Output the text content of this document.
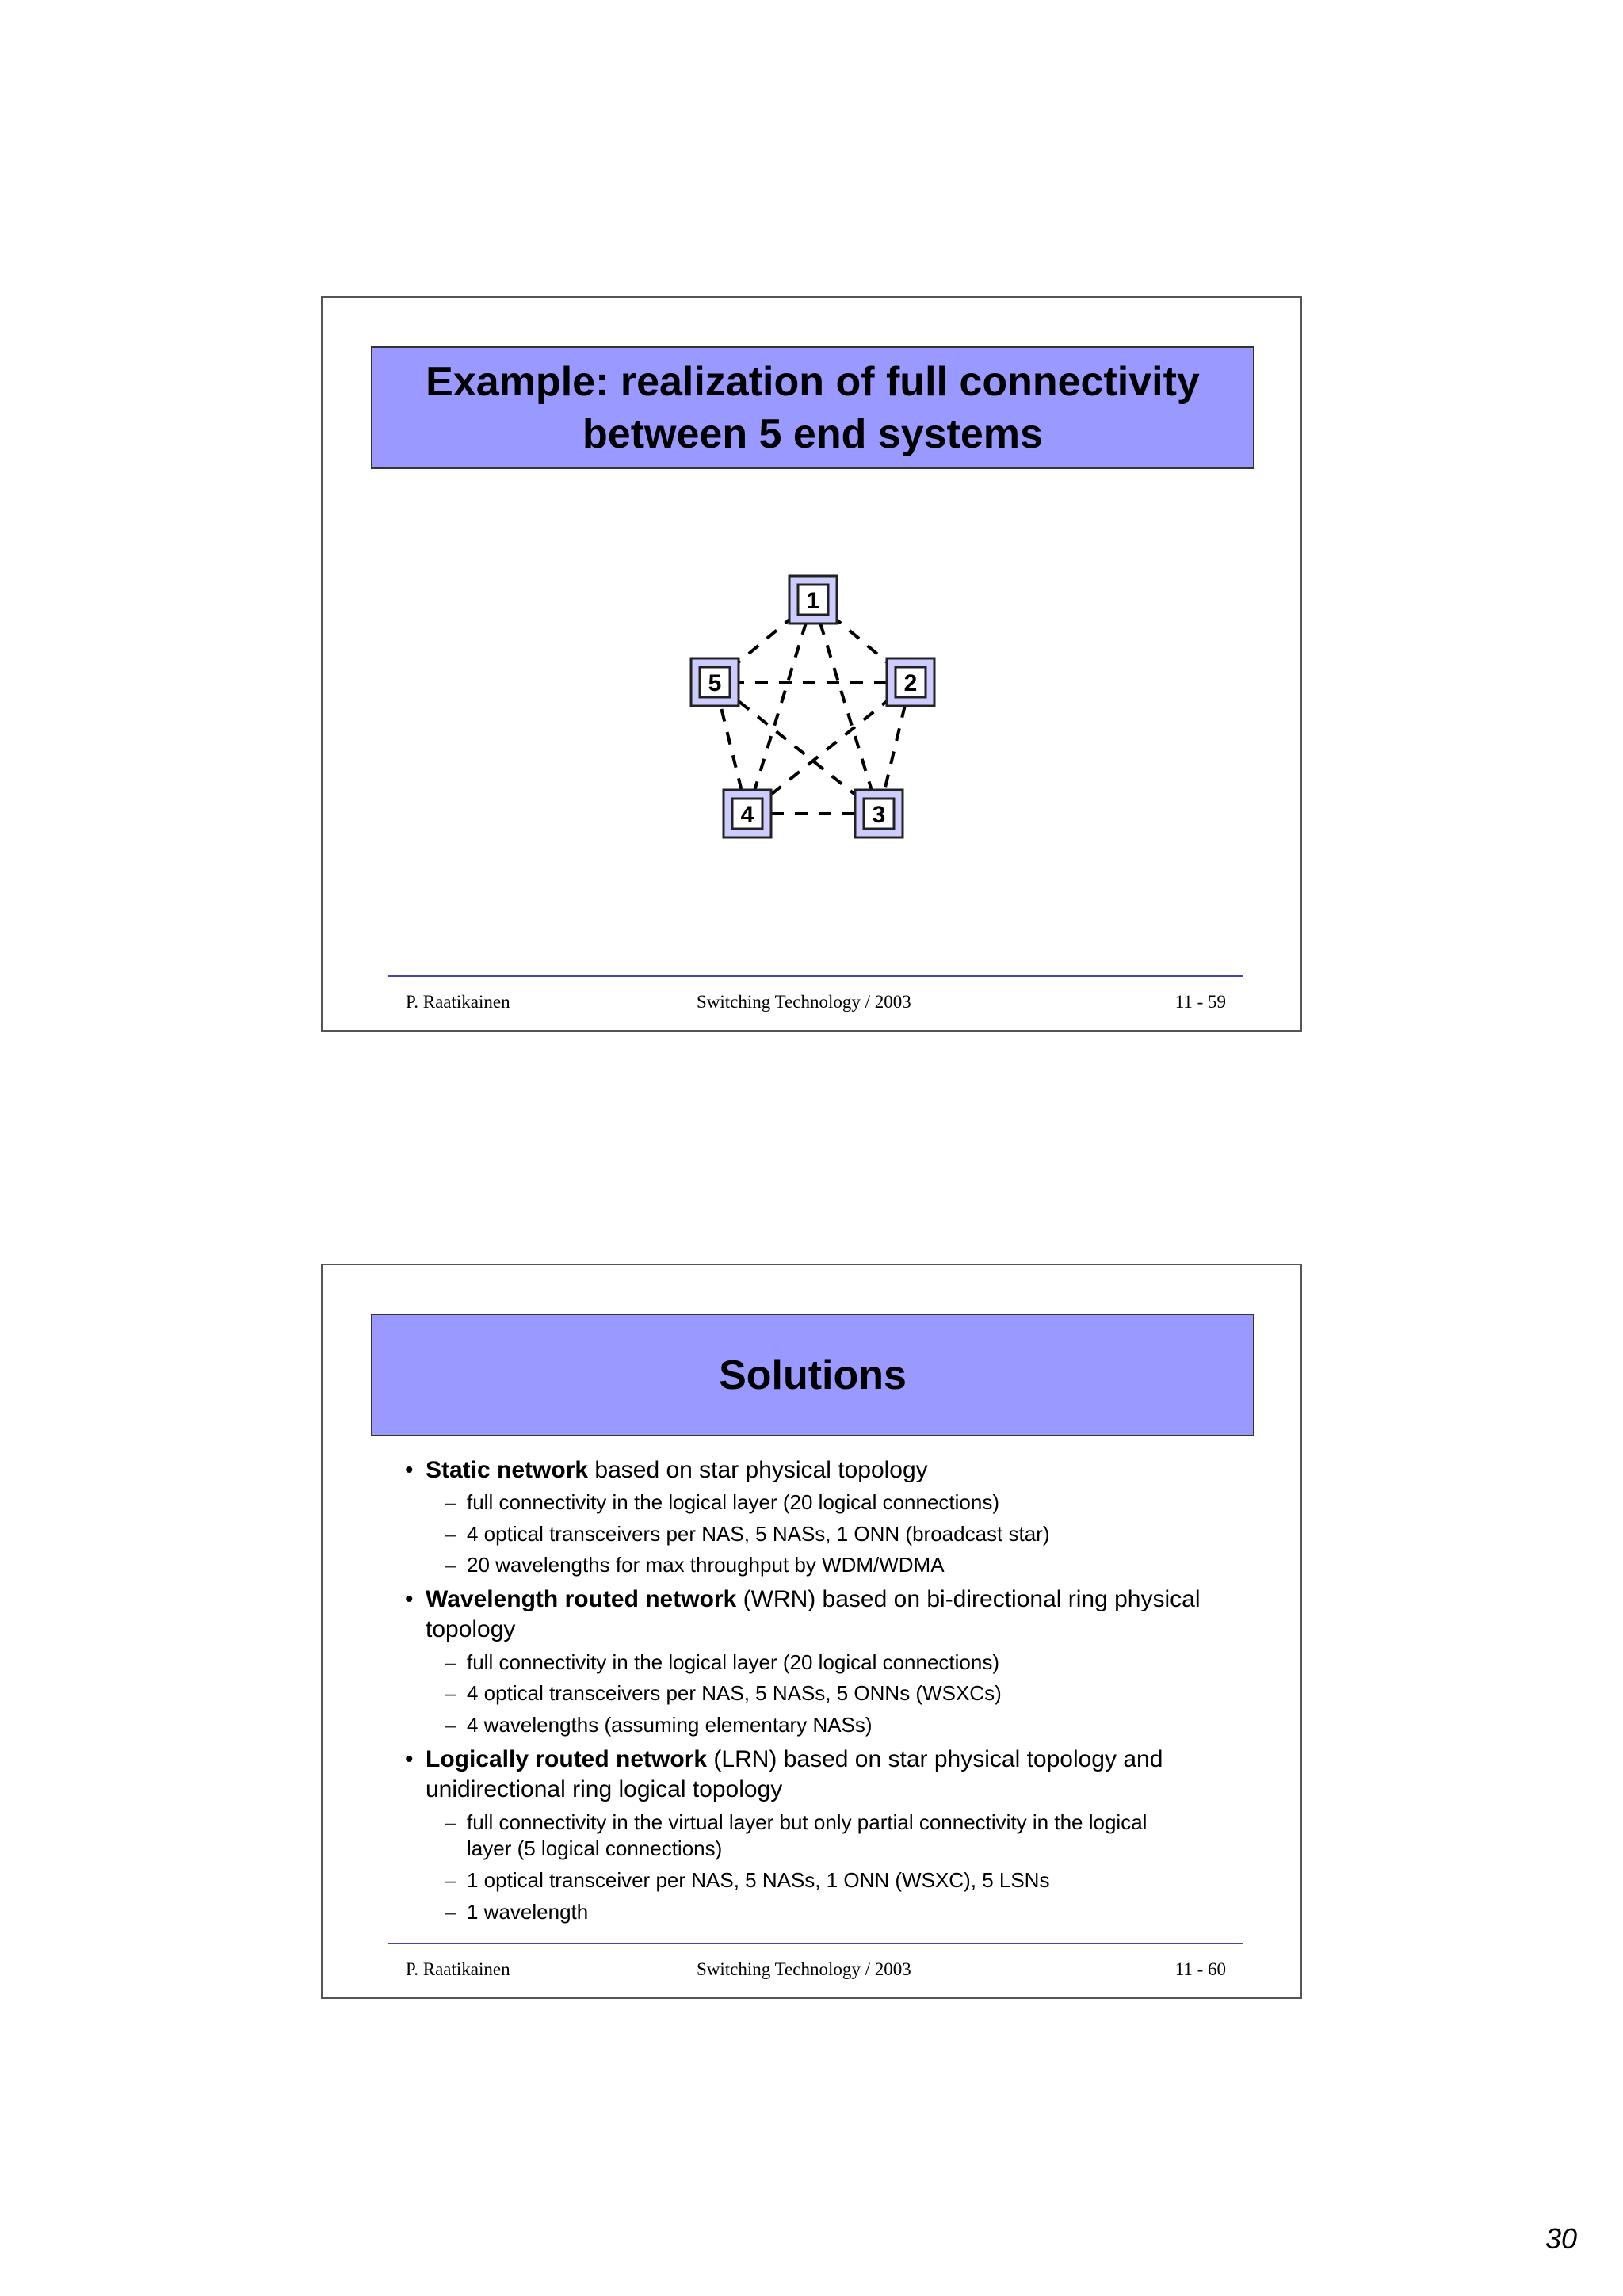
Example: realization of full connectivity
between 5 end systems
1
2
3
4
5
P. Raatikainen	Switching Technology / 2003	11 - 59
Solutions
• Static network based on star physical topology
– full connectivity in the logical layer (20 logical connections)
– 4 optical transceivers per NAS, 5 NASs, 1 ONN (broadcast star)
– 20 wavelengths for max throughput by WDM/WDMA
• Wavelength routed network (WRN) based on bi-directional ring physical
topology
– full connectivity in the logical layer (20 logical connections)
– 4 optical transceivers per NAS, 5 NASs, 5 ONNs (WSXCs)
– 4 wavelengths (assuming elementary NASs)
• Logically routed network (LRN) based on star physical topology and
unidirectional ring logical topology
– full connectivity in the virtual layer but only partial connectivity in the logical
layer (5 logical connections)
– 1 optical transceiver per NAS, 5 NASs, 1 ONN (WSXC), 5 LSNs
– 1 wavelength
P. Raatikainen	Switching Technology / 2003	11 - 60
30
